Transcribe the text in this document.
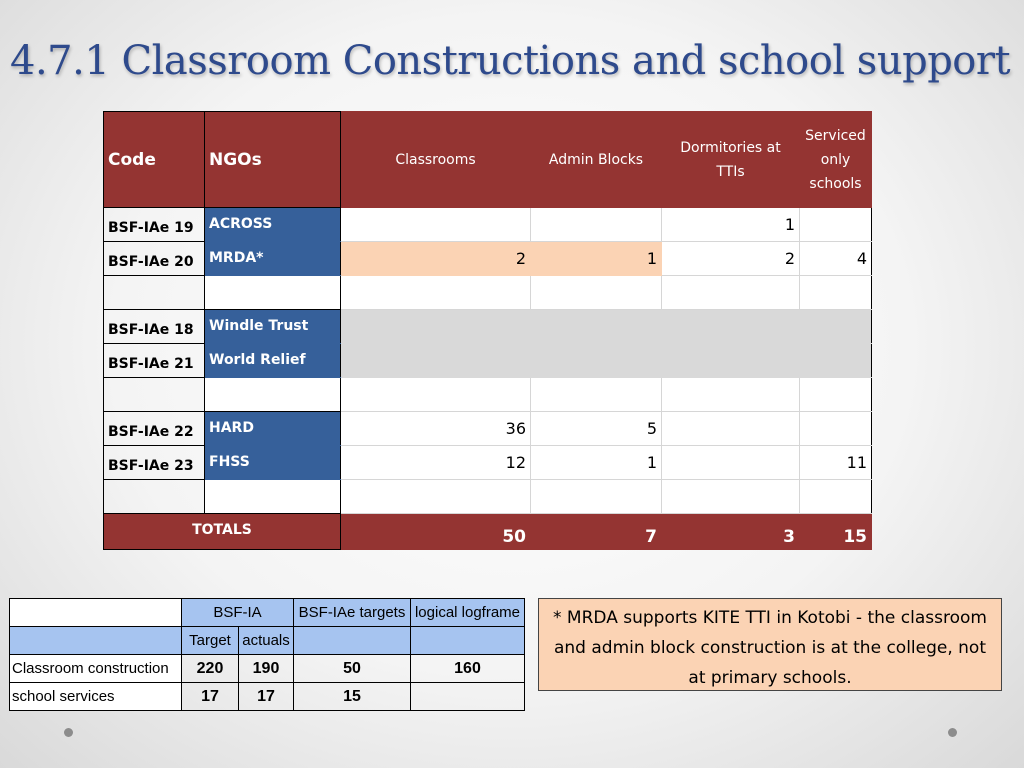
4.7.1 Classroom Constructions and school support
Code	NGOs	Classrooms	Admin Blocks	Dormitories at TTIs	Serviced only schools
BSF-IAe 19	ACROSS			1	
BSF-IAe 20	MRDA*	2	1	2	4

BSF-IAe 18	Windle Trust				
BSF-IAe 21	World Relief				

BSF-IAe 22	HARD	36	5		
BSF-IAe 23	FHSS	12	1		11

TOTALS		50	7	3	15
	BSF-IA		BSF-IAe targets	logical logframe
	Target	actuals		
Classroom construction	220	190	50	160
school services	17	17	15	
* MRDA supports KITE TTI in Kotobi - the classroom and admin block construction is at the college, not at primary schools.
